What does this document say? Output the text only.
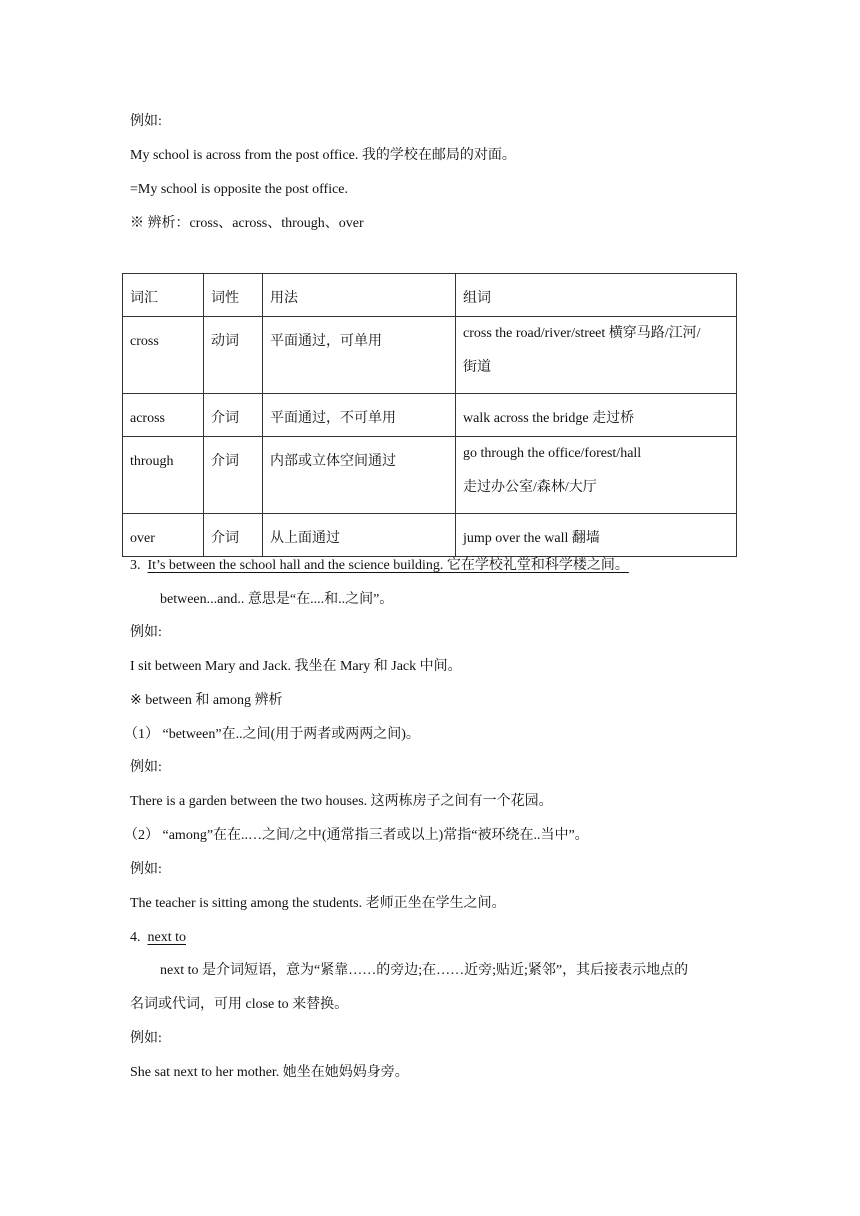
例如:
My school is across from the post office. 我的学校在邮局的对面。
=My school is opposite the post office.
※ 辨析：cross、across、through、over
词汇	词性	用法	组词
cross	动词	平面通过，可单用	cross the road/river/street 横穿马路/江河/
街道

across	介词	平面通过，不可单用	walk across the bridge 走过桥
through	介词	内部或立体空间通过	go through the office/forest/hall
走过办公室/森林/大厅

over	介词	从上面通过	jump over the wall 翻墙
3. It’s between the school hall and the science building. 它在学校礼堂和科学楼之间。
between...and.. 意思是“在....和..之间”。
例如:
I sit between Mary and Jack. 我坐在 Mary 和 Jack 中间。
※ between 和 among 辨析
（1） “between”在..之间(用于两者或两两之间)。
例如:
There is a garden between the two houses. 这两栋房子之间有一个花园。
（2） “among”在在..…之间/之中(通常指三者或以上)常指“被环绕在..当中”。
例如:
The teacher is sitting among the students. 老师正坐在学生之间。
4. next to
next to 是介词短语，意为“紧靠……的旁边;在……近旁;贴近;紧邻”，其后接表示地点的
名词或代词，可用 close to 来替换。
例如:
She sat next to her mother. 她坐在她妈妈身旁。
